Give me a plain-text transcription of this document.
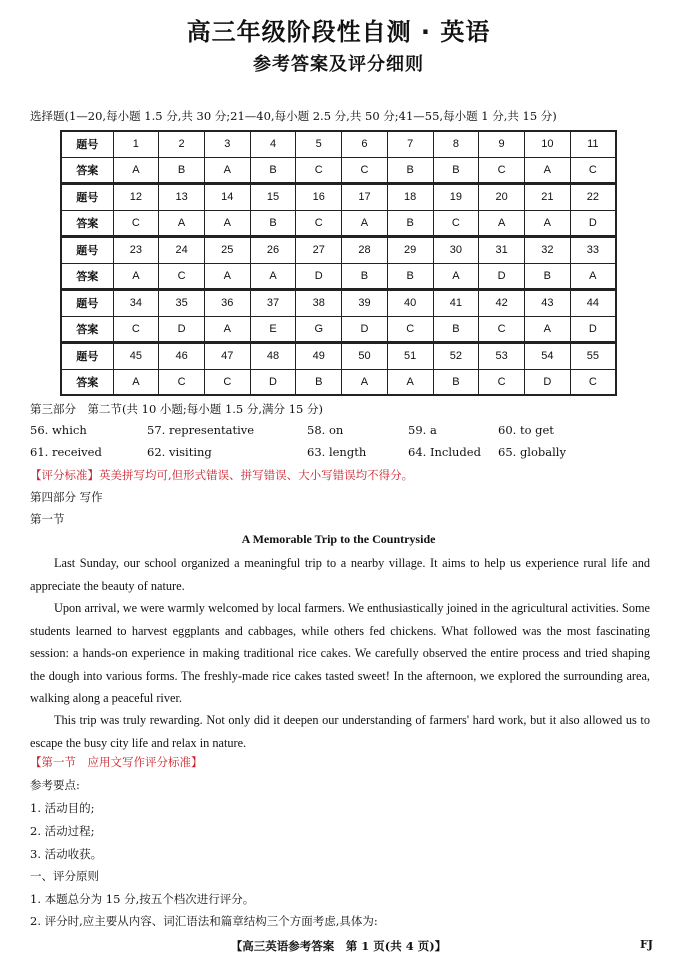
高三年级阶段性自测 · 英语
参考答案及评分细则
选择题(1—20,每小题 1.5 分,共 30 分;21—40,每小题 2.5 分,共 50 分;41—55,每小题 1 分,共 15 分)
题号	1	2	3	4	5	6	7	8	9	10	11
答案	A	B	A	B	C	C	B	B	C	A	C
题号	12	13	14	15	16	17	18	19	20	21	22
答案	C	A	A	B	C	A	B	C	A	A	D
题号	23	24	25	26	27	28	29	30	31	32	33
答案	A	C	A	A	D	B	B	A	D	B	A
题号	34	35	36	37	38	39	40	41	42	43	44
答案	C	D	A	E	G	D	C	B	C	A	D
题号	45	46	47	48	49	50	51	52	53	54	55
答案	A	C	C	D	B	A	A	B	C	D	C
第三部分　第二节(共 10 小题;每小题 1.5 分,满分 15 分)
56. which	57. representative	58. on	59. a	60. to get
61. received	62. visiting	63. length	64. Included 65. globally
【评分标准】英美拼写均可,但形式错误、拼写错误、大小写错误均不得分。
第四部分 写作
第一节
A Memorable Trip to the Countryside

Last Sunday, our school organized a meaningful trip to a nearby village. It aims to help us experience rural life and appreciate the beauty of nature.

Upon arrival, we were warmly welcomed by local farmers. We enthusiastically joined in the agricultural activities. Some students learned to harvest eggplants and cabbages, while others fed chickens. What followed was the most fascinating session: a hands-on experience in making traditional rice cakes. We carefully observed the entire process and tried shaping the dough into various forms. The freshly-made rice cakes tasted sweet! In the afternoon, we explored the surrounding area, walking along a peaceful river.

This trip was truly rewarding. Not only did it deepen our understanding of farmers' hard work, but it also allowed us to escape the busy city life and relax in nature.

【第一节　应用文写作评分标准】
参考要点:
1. 活动目的;
2. 活动过程;
3. 活动收获。
一、评分原则
1. 本题总分为 15 分,按五个档次进行评分。
2. 评分时,应主要从内容、词汇语法和篇章结构三个方面考虑,具体为:
【高三英语参考答案　第 1 页(共 4 页)】	FJ
